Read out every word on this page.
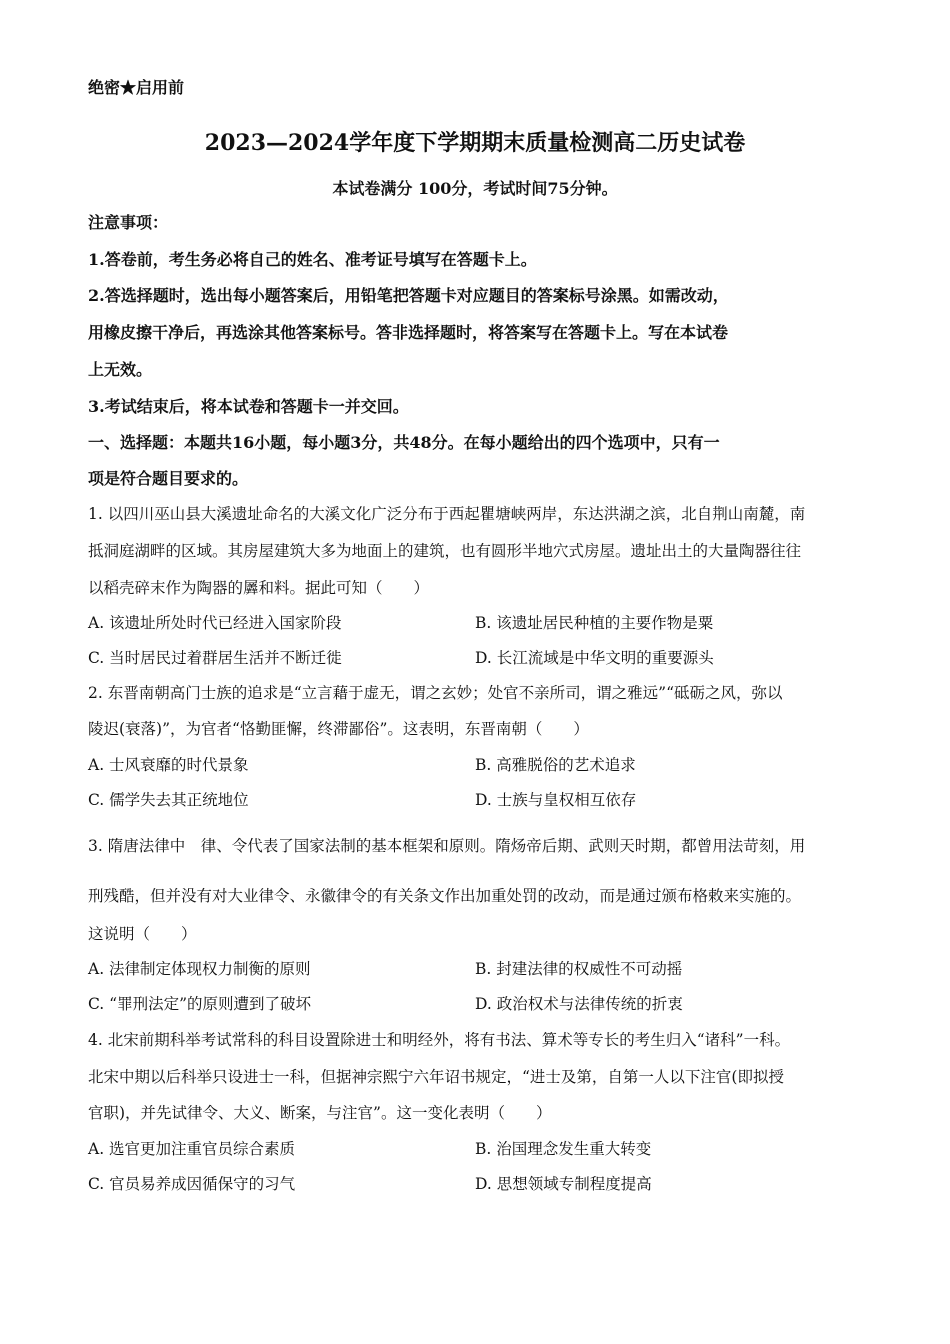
绝密★启用前
2023—2024学年度下学期期末质量检测高二历史试卷
本试卷满分 100分，考试时间75分钟。
注意事项：
1.答卷前，考生务必将自己的姓名、准考证号填写在答题卡上。
2.答选择题时，选出每小题答案后，用铅笔把答题卡对应题目的答案标号涂黑。如需改动，
用橡皮擦干净后，再选涂其他答案标号。答非选择题时，将答案写在答题卡上。写在本试卷
上无效。
3.考试结束后，将本试卷和答题卡一并交回。
一、选择题：本题共16小题，每小题3分，共48分。在每小题给出的四个选项中，只有一
项是符合题目要求的。
1. 以四川巫山县大溪遗址命名的大溪文化广泛分布于西起瞿塘峡两岸，东达洪湖之滨，北自荆山南麓，南
抵洞庭湖畔的区域。其房屋建筑大多为地面上的建筑，也有圆形半地穴式房屋。遗址出土的大量陶器往往
以稻壳碎末作为陶器的羼和料。据此可知（　　）
A. 该遗址所处时代已经进入国家阶段	B. 该遗址居民种植的主要作物是粟
C. 当时居民过着群居生活并不断迁徙	D. 长江流域是中华文明的重要源头
2. 东晋南朝高门士族的追求是“立言藉于虚无，谓之玄妙；处官不亲所司，谓之雅远”“砥砺之风，弥以
陵迟(衰落)”，为官者“恪勤匪懈，终滞鄙俗”。这表明，东晋南朝（　　）
A. 士风衰靡的时代景象	B. 高雅脱俗的艺术追求
C. 儒学失去其正统地位	D. 士族与皇权相互依存
3. 隋唐法律中　律、令代表了国家法制的基本框架和原则。隋炀帝后期、武则天时期，都曾用法苛刻，用
刑残酷，但并没有对大业律令、永徽律令的有关条文作出加重处罚的改动，而是通过颁布格敕来实施的。
这说明（　　）
A. 法律制定体现权力制衡的原则	B. 封建法律的权威性不可动摇
C. “罪刑法定”的原则遭到了破坏	D. 政治权术与法律传统的折衷
4. 北宋前期科举考试常科的科目设置除进士和明经外，将有书法、算术等专长的考生归入“诸科”一科。
北宋中期以后科举只设进士一科，但据神宗熙宁六年诏书规定，“进士及第，自第一人以下注官(即拟授
官职)，并先试律令、大义、断案，与注官”。这一变化表明（　　）
A. 选官更加注重官员综合素质	B. 治国理念发生重大转变
C. 官员易养成因循保守的习气	D. 思想领域专制程度提高
